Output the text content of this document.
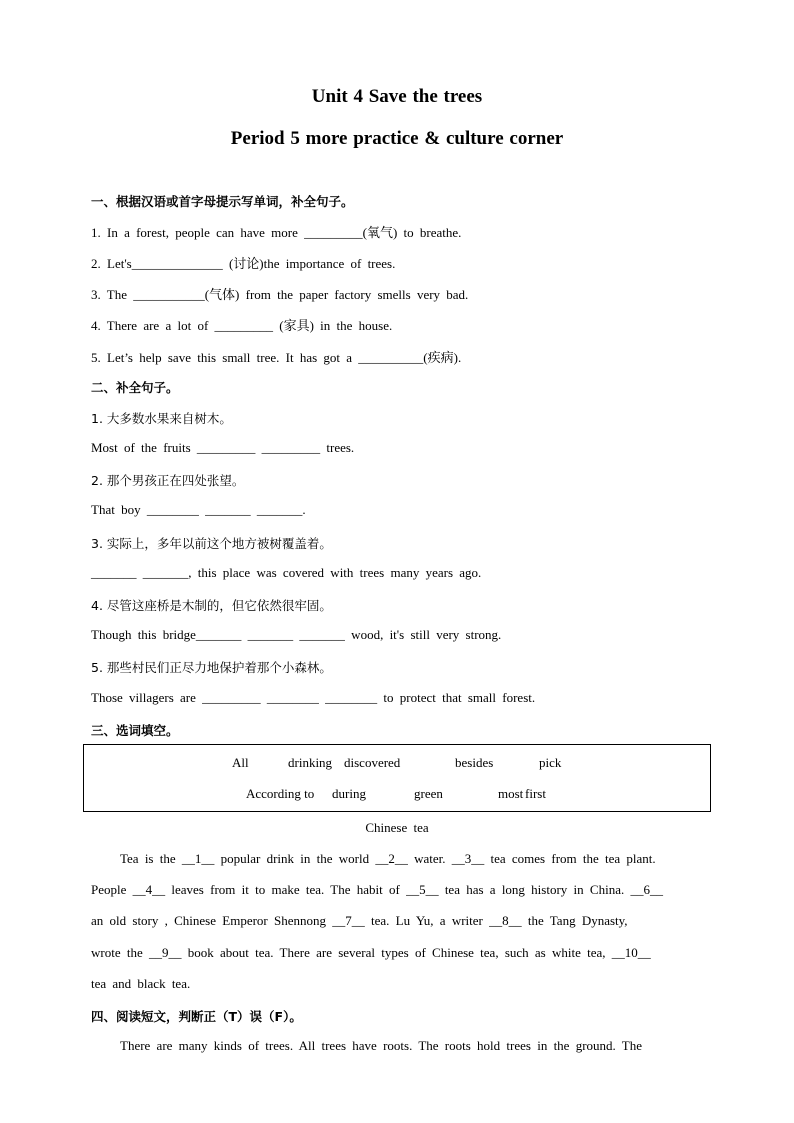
Unit 4 Save the trees
Period 5 more practice & culture corner
一、根据汉语或首字母提示写单词，补全句子。
1. In a forest, people can have more _________(氧气) to breathe.
2. Let's______________ (讨论)the importance of trees.
3. The ___________(气体) from the paper factory smells very bad.
4. There are a lot of _________ (家具) in the house.
5. Let’s help save this small tree. It has got a __________(疾病).
二、补全句子。
1. 大多数水果来自树木。
Most of the fruits _________ _________ trees.
2. 那个男孩正在四处张望。
That boy ________ _______ _______.
3. 实际上，多年以前这个地方被树覆盖着。
_______ _______, this place was covered with trees many years ago.
4. 尽管这座桥是木制的，但它依然很牢固。
Though this bridge_______ _______ _______ wood, it's still very strong.
5. 那些村民们正尽力地保护着那个小森林。
Those villagers are _________ ________ ________ to protect that small forest.
三、选词填空。
All	drinking discovered	besides	pick
According to during	green	most first
Chinese tea
Tea is the __1__ popular drink in the world __2__ water. __3__ tea comes from the tea plant.
People __4__ leaves from it to make tea. The habit of __5__ tea has a long history in China. __6__
an old story , Chinese Emperor Shennong __7__ tea. Lu Yu, a writer __8__ the Tang Dynasty,
wrote the __9__ book about tea. There are several types of Chinese tea, such as white tea, __10__
tea and black tea.
四、阅读短文，判断正（T）误（F）。
There are many kinds of trees. All trees have roots. The roots hold trees in the ground. The
